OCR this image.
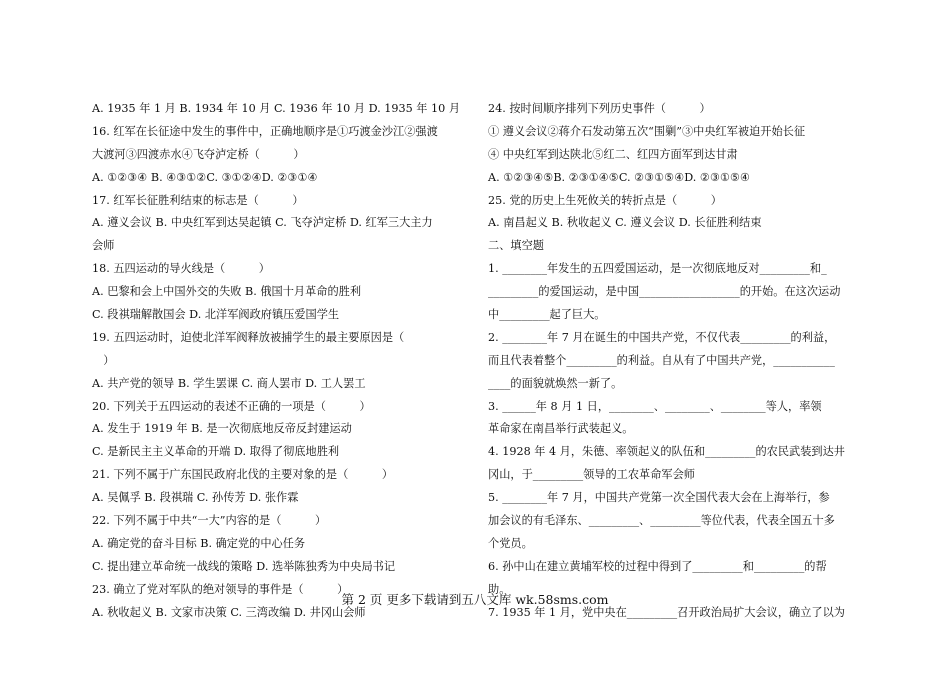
A. 1935 年 1 月 B. 1934 年 10 月 C. 1936 年 10 月 D. 1935 年 10 月
16. 红军在长征途中发生的事件中，正确地顺序是①巧渡金沙江②强渡
大渡河③四渡赤水④飞夺泸定桥（　　　）
A. ①②③④ B. ④③①②C. ③①②④D. ②③①④
17. 红军长征胜利结束的标志是（　　　）
A. 遵义会议 B. 中央红军到达吴起镇 C. 飞夺泸定桥 D. 红军三大主力
会师
18. 五四运动的导火线是（　　　）
A. 巴黎和会上中国外交的失败 B. 俄国十月革命的胜利
C. 段祺瑞解散国会 D. 北洋军阀政府镇压爱国学生
19. 五四运动时，迫使北洋军阀释放被捕学生的最主要原因是（
　）
A. 共产党的领导 B. 学生罢课 C. 商人罢市 D. 工人罢工
20. 下列关于五四运动的表述不正确的一项是（　　　）
A. 发生于 1919 年 B. 是一次彻底地反帝反封建运动
C. 是新民主主义革命的开端 D. 取得了彻底地胜利
21. 下列不属于广东国民政府北伐的主要对象的是（　　　）
A. 吴佩孚 B. 段祺瑞 C. 孙传芳 D. 张作霖
22. 下列不属于中共“一大”内容的是（　　　）
A. 确定党的奋斗目标 B. 确定党的中心任务
C. 提出建立革命统一战线的策略 D. 选举陈独秀为中央局书记
23. 确立了党对军队的绝对领导的事件是（　　　）
A. 秋收起义 B. 文家市决策 C. 三湾改编 D. 井冈山会师
24. 按时间顺序排列下列历史事件（　　　）
① 遵义会议②蒋介石发动第五次“围剿”③中央红军被迫开始长征
④ 中央红军到达陕北⑤红二、红四方面军到达甘肃
A. ①②③④⑤B. ②③①④⑤C. ②③①⑤④D. ②③①⑤④
25. 党的历史上生死攸关的转折点是（　　　）
A. 南昌起义 B. 秋收起义 C. 遵义会议 D. 长征胜利结束
二、填空题
1. ________年发生的五四爱国运动，是一次彻底地反对_________和_
_________的爱国运动，是中国__________________的开始。在这次运动
中_________起了巨大。
2. ________年 7 月在诞生的中国共产党，不仅代表_________的利益，
而且代表着整个_________的利益。自从有了中国共产党，___________
____的面貌就焕然一新了。
3. ______年 8 月 1 日，________、________、________等人，率领
革命家在南昌举行武装起义。
4. 1928 年 4 月，朱德、率领起义的队伍和_________的农民武装到达井
冈山，于_________领导的工农革命军会师
5. ________年 7 月，中国共产党第一次全国代表大会在上海举行，参
加会议的有毛泽东、_________、_________等位代表，代表全国五十多
个党员。
6. 孙中山在建立黄埔军校的过程中得到了_________和_________的帮
助。
7. 1935 年 1 月，党中央在_________召开政治局扩大会议，确立了以为
第 2 页 更多下载请到五八文库 wk.58sms.com
